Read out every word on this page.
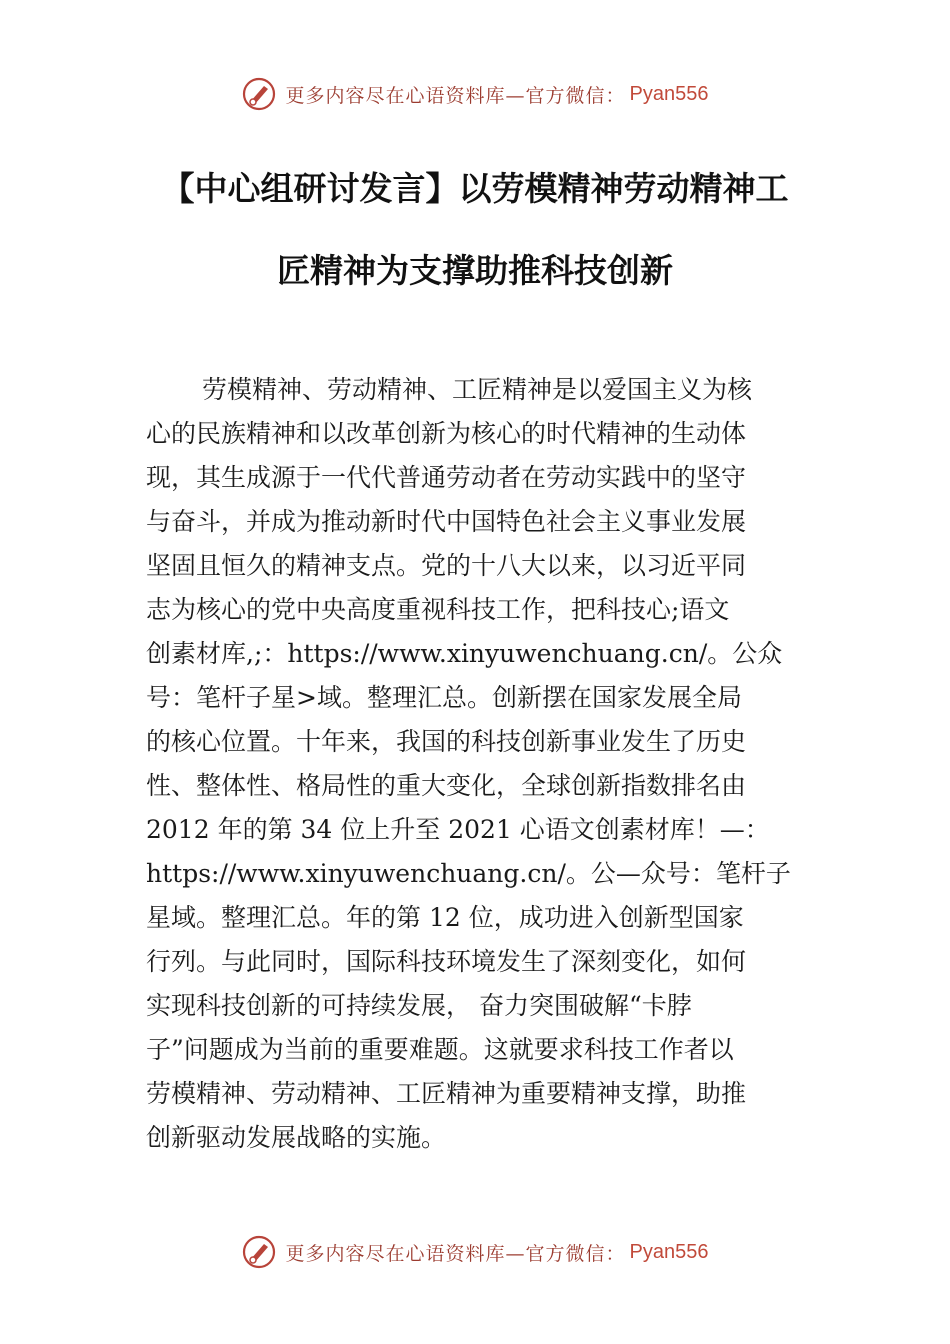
更多内容尽在心语资料库—官方微信： Pyan556
【中心组研讨发言】以劳模精神劳动精神工
匠精神为支撑助推科技创新
劳模精神、劳动精神、工匠精神是以爱国主义为核
心的民族精神和以改革创新为核心的时代精神的生动体
现，其生成源于一代代普通劳动者在劳动实践中的坚守
与奋斗，并成为推动新时代中国特色社会主义事业发展
坚固且恒久的精神支点。党的十八大以来，以习近平同
志为核心的党中央高度重视科技工作，把科技心;语文
创素材库,;：https://www.xinyuwenchuang.cn/。公众
号：笔杆子星>域。整理汇总。创新摆在国家发展全局
的核心位置。十年来，我国的科技创新事业发生了历史
性、整体性、格局性的重大变化，全球创新指数排名由
2012 年的第 34 位上升至 2021 心语文创素材库！—：
https://www.xinyuwenchuang.cn/。公—众号：笔杆子
星域。整理汇总。年的第 12 位，成功进入创新型国家
行列。与此同时，国际科技环境发生了深刻变化，如何
实现科技创新的可持续发展， 奋力突围破解“卡脖
子”问题成为当前的重要难题。这就要求科技工作者以
劳模精神、劳动精神、工匠精神为重要精神支撑，助推
创新驱动发展战略的实施。
更多内容尽在心语资料库—官方微信： Pyan556
